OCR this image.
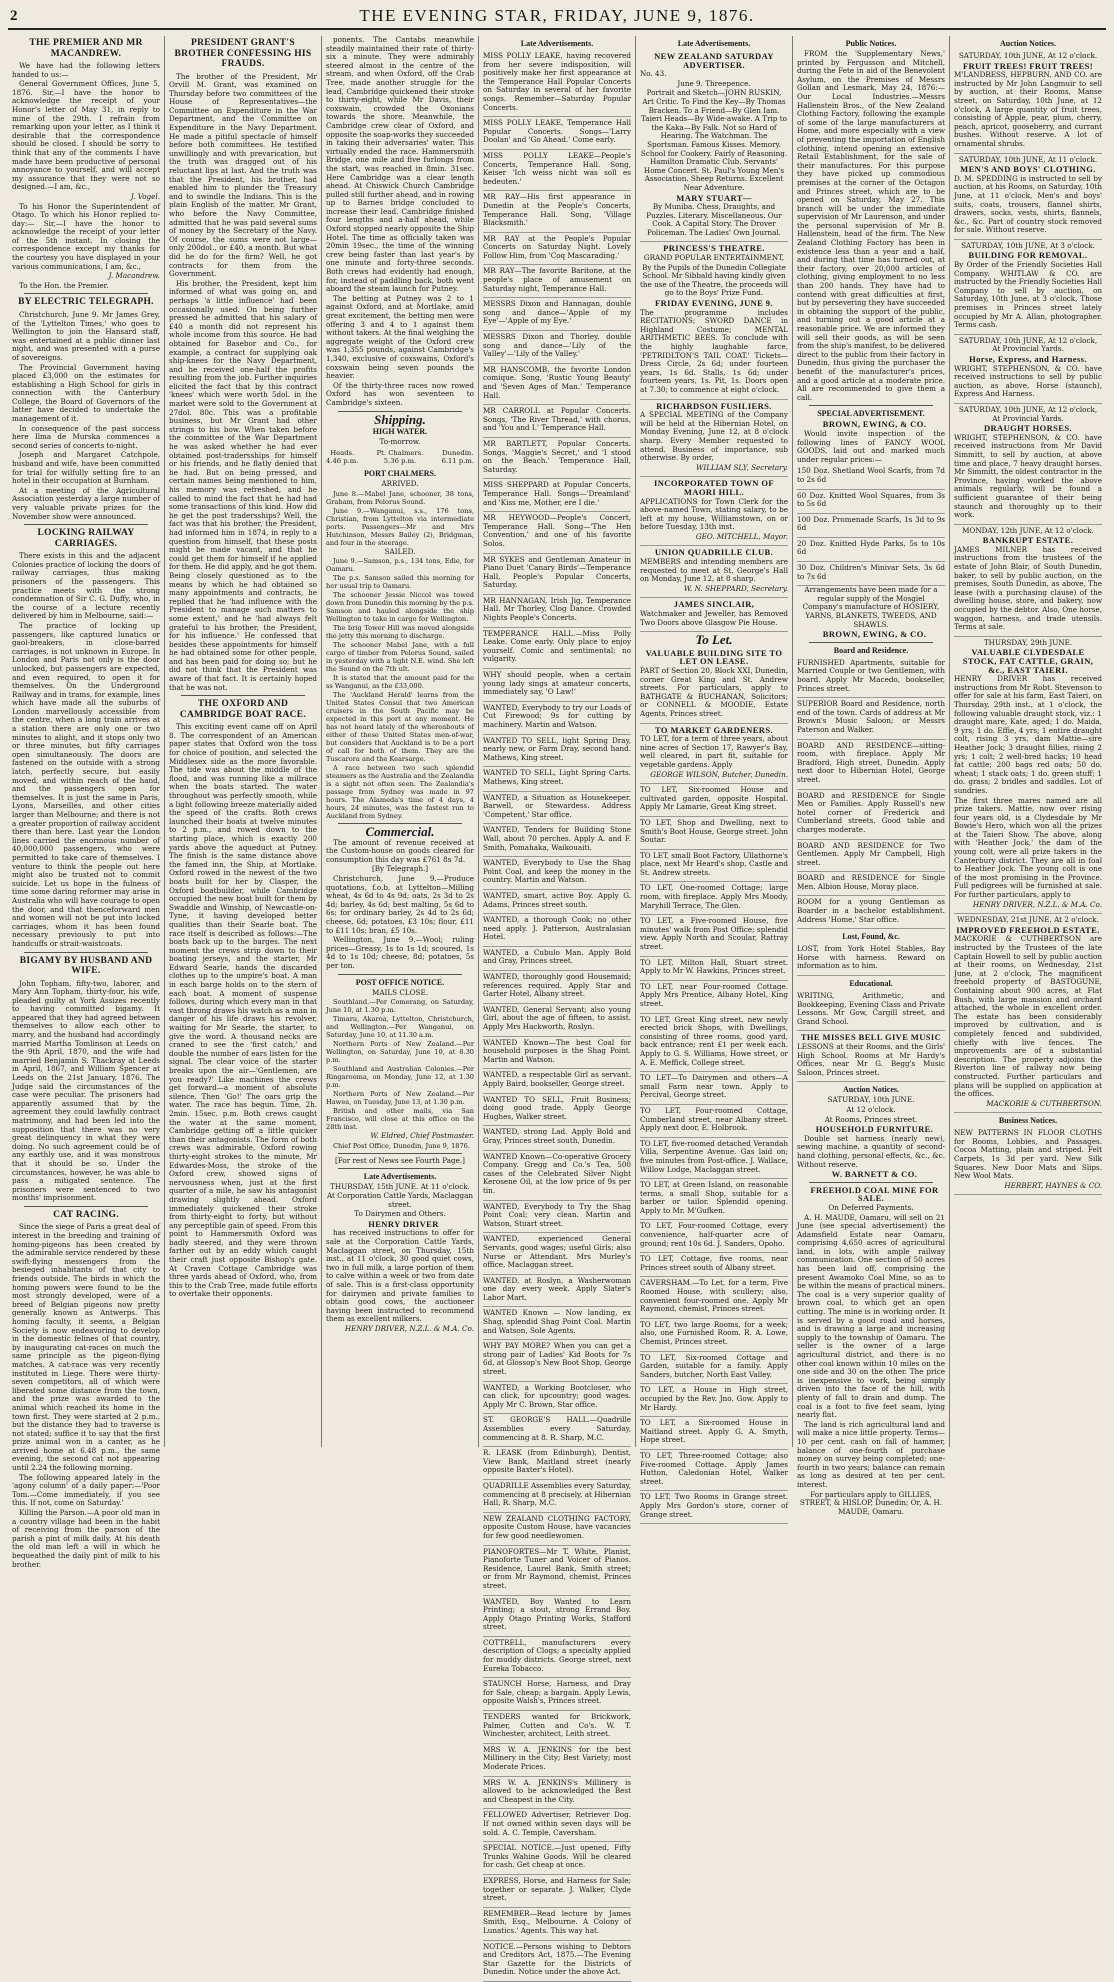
2	THE EVENING STAR, FRIDAY, JUNE 9, 1876.
THE PREMIER AND MR MACANDREW.

We have had the following letters handed to us:—

General Government Offices, June 5, 1876. Sir,—I have the honor to acknowledge the receipt of your Honor's letter of May 31, in reply to mine of the 29th. I refrain from remarking upon your letter, as I think it desirable that the correspondence should be closed. I should be sorry to think that any of the comments I have made have been productive of personal annoyance to yourself, and will accept my assurance that they were not so designed.—I am, &c.,

J. Vogel.

To his Honor the Superintendent of Otago. To which his Honor replied to-day:— Sir,—I have the honor to acknowledge the receipt of your letter of the 5th instant. In closing the correspondence except my thanks for the courtesy you have displayed in your various communications, I am, &c.,

J. Macandrew.

To the Hon. the Premier.

BY ELECTRIC TELEGRAPH.

Christchurch, June 9. Mr James Grey, of the 'Lyttelton Times,' who goes to Wellington to join the Hansard staff, was entertained at a public dinner last night, and was presented with a purse of sovereigns.

The Provincial Government having placed £3,000 on the estimates for establishing a High School for girls in connection with the Canterbury College, the Board of Governors of the latter have decided to undertake the management of it.

In consequence of the past success here Ilma de Murska commences a second series of concerts to-night.

Joseph and Margaret Catchpole, husband and wife, have been committed for trial for wilfully setting fire to an hotel in their occupation at Burnham.

At a meeting of the Agricultural Association yesterday a large number of very valuable private prizes for the November show were announced.

LOCKING RAILWAY CARRIAGES.

There exists in this and the adjacent Colonies practice of locking the doors of railway carriages, thus making prisoners of the passengers. This practice meets with the strong condemnation of Sir C. G. Duffy, who, in the course of a lecture recently delivered by him in Melbourne, said:—

The practice of locking up passengers, like captured lunatics or gaol-breakers, in close-barred carriages, is not unknown in Europe. In London and Paris not only is the door unlocked, but passengers are expected, and even required, to open it for themselves. On the Underground Railway and in trams, for example, lines which have made all the suburbs of London marvellously accessible from the centre, when a long train arrives at a station there are only one or two minutes to alight, and it stops only two or three minutes, but fifty carriages open simultaneously. The doors are fastened on the outside with a strong latch, perfectly secure, but easily moved, and within reach of the hand, and the passengers open for themselves. It is just the same in Paris, Lyons, Marseilles, and other cities larger than Melbourne; and there is not a greater proportion of railway accident there than here. Last year the London lines carried the enormous number of 40,000,000 passengers, who were permitted to take care of themselves. I venture to think the people out here might also be trusted not to commit suicide. Let us hope in the fulness of time some daring reformer may arise in Australia who will have courage to open the door, and that thenceforward men and women will not be put into locked carriages, whom it has been found necessary previously to put into handcuffs or strait-waistcoats.

BIGAMY BY HUSBAND AND WIFE.

John Topham, fifty-two, laborer, and Mary Ann Topham, thirty-four, his wife, pleaded guilty at York Assizes recently to having committed bigamy. It appeared that they had agreed between themselves to allow each other to marry, and the husband had accordingly married Martha Tomlinson at Leeds on the 9th April, 1870, and the wife had married Benjamin S. Thackray at Leeds in April, 1867, and William Spencer at Leeds on the 21st January, 1876. The Judge said the circumstances of the case were peculiar. The prisoners had apparently assumed that by the agreement they could lawfully contract matrimony, and had been led into the supposition that there was no very great delinquency in what they were doing. No such agreement could be of any earthly use, and it was monstrous that it should be so. Under the circumstances, however, he was able to pass a mitigated sentence. The prisoners were sentenced to two months' imprisonment.

CAT RACING.

Since the siege of Paris a great deal of interest in the breeding and training of homing-pigeons has been created by the admirable service rendered by these swift-flying messengers from the besieged inhabitants of that city to friends outside. The birds in which the homing powers were found to be the most strongly developed, were of a breed of Belgian pigeons now pretty generally known as Antwerps. This homing faculty, it seems, a Belgian Society is now endeavoring to develop in the domestic felines of that country, by inaugurating cat-races on much the same principle as the pigeon-flying matches. A cat-race was very recently instituted in Liege. There were thirty-seven competitors, all of which were liberated some distance from the town, and the prize was awarded to the animal which reached its home in the town first. They were started at 2 p.m., but the distance they had to traverse is not stated; suffice it to say that the first prize animal won in a canter, as he arrived home at 6.48 p.m., the same evening, the second cat not appearing until 2.24 the following morning.

The following appeared lately in the 'agony column' of a daily paper:—'Poor Tom.—Come immediately, if you see this. If not, come on Saturday.'

Killing the Parson.—A poor old man in a country village had been in the habit of receiving from the parson of the parish a pint of milk daily. At his death the old man left a will in which he bequeathed the daily pint of milk to his brother.

PRESIDENT GRANT'S BROTHER CONFESSING HIS FRAUDS.

The brother of the President, Mr Orvill M. Grant, was examined on Thursday before two committees of the House of Representatives—the Committee on Expenditure in the War Department, and the Committee on Expenditure in the Navy Department. He made a pitiful spectacle of himself before both committees. He testified unwillingly and with prevarication, but the truth was dragged out of his reluctant lips at last. And the truth was that the President, his brother, had enabled him to plunder the Treasury and to swindle the Indians. This is the plain English of the matter. Mr Grant, who before the Navy Committee, admitted that he was paid several sums of money by the Secretary of the Navy. Of course, the sums were not large—only 200dol., or £40, a month. But what did he do for the firm? Well, he got contracts for them from the Government.

His brother, the President, kept him informed of what was going on, and perhaps 'a little influence' had been occasionally used. On being further pressed he admitted that his salary of £40 a month did not represent his whole income from this source. He had obtained for Basebor and Co., for example, a contract for supplying oak ship-knees for the Navy Department, and he received one-half the profits resulting from the job. Further inquiries elicited the fact that by this contract 'knees' which were worth 5dol. in the market were sold to the Government at 27dol. 80c. This was a profitable business, but Mr Grant had other strings to his bow. When taken before the committee of the War Department he was asked whether he had ever obtained post-tradersships for himself or his friends, and he flatly denied that he had. But on being pressed, and certain names being mentioned to him, his memory was refreshed, and he called to mind the fact that he had had some transactions of this kind. How did he get the post tradersships? Well, the fact was that his brother, the President, had informed him in 1874, in reply to a question from himself, that these posts might be made vacant, and that he could get them for himself if he applied for them. He did apply, and he got them. Being closely questioned as to the means by which he had obtained so many appointments and contracts, he replied that he 'had influence with the President to manage such matters to some extent,' and he 'had always felt grateful to his brother, the President, for his influence.' He confessed that besides these appointments for himself he had obtained some for other people, and has been paid for doing so; but he did not think that the President was aware of that fact. It is certainly hoped that he was not.

THE OXFORD AND CAMBRIDGE BOAT RACE.

This exciting event came off on April 8. The correspondent of an American paper states that Oxford won the toss for choice of position, and selected the Middlesex side as the more favorable. The tide was about the middle of the flood, and was running like a millrace when the boats started. The water throughout was perfectly smooth, while a light following breeze materially aided the speed of the crafts. Both crews launched their boats at twelve minutes to 2 p.m., and rowed down to the starting place, which is exactly 200 yards above the aqueduct at Putney. The finish is the same distance above the famed inn, the Ship, at Mortlake. Oxford rowed in the newest of the two boats built for her by Clasper, the Oxford boatbuilder, while Cambridge occupied the new boat built for them by Swaddle and Winship, of Newcastle-on-Tyne, it having developed better qualities than their Searle boat. The race itself is described as follows:—The boats back up to the barges. The next moment the crews strip down to their boating jerseys, and the starter, Mr Edward Searle, hands the discarded clothes up to the umpire's boat. A man in each barge holds on to the stern of each boat. A moment of suspense follows, during which every man in that vast throng draws his watch as a man in danger of his life draws his revolver, waiting for Mr Searle, the starter, to give the word. A thousand necks are craned to see the 'first catch,' and double the number of ears listen for the signal. The clear voice of the starter breaks upon the air—'Gentlemen, are you ready?' Like machines the crews get forward—a moment of absolute silence. Then 'Go!' The oars grip the water. The race has begun. Time, 2h. 2min. 15sec. p.m. Both crews caught the water at the same moment, Cambridge getting off a little quicker than their antagonists. The form of both crews was admirable, Oxford rowing thirty-eight strokes to the minute, Mr Edwardes-Moss, the stroke of the Oxford crew, showed signs of nervousness when, just at the first quarter of a mile, he saw his antagonist drawing slightly ahead. Oxford immediately quickened their stroke from thirty-eight to forty, but without any perceptible gain of speed. From this point to Hammersmith Oxford was badly steered, and they were thrown farther out by an eddy which caught their craft just opposite Bishop's gate. At Craven Cottage Cambridge was three yards ahead of Oxford, who, from this to the Crab Tree, made futile efforts to overtake their opponents.

ponents. The Cantabs meanwhile steadily maintained their rate of thirty-six a minute. They were admirably steered almost in the centre of the stream, and when Oxford, off the Crab Tree, made another struggle for the lead, Cambridge quickened their stroke to thirty-eight, while Mr Davis, their coxswain, crowded the Oxonians towards the shore. Meanwhile, the Cambridge crew clear of Oxford, and opposite the soap-works they succeeded in taking their adversaries' water. This virtually ended the race. Hammersmith Bridge, one mile and five furlongs from the start, was reached in 8min. 31sec. Here Cambridge was a clear length ahead. At Chiswick Church Cambridge pulled still further ahead, and in rowing up to Barnes bridge concluded to increase their lead. Cambridge finished four lengths and a-half ahead, while Oxford stopped nearly opposite the Ship Hotel. The time as officially taken was 20min 19sec., the time of the winning crew being faster than last year's by one minute and forty-three seconds. Both crews had evidently had enough, for, instead of paddling back, both went aboard the steam launch for Putney.

The betting at Putney was 2 to 1 against Oxford, and at Mortlake, amid great excitement, the betting men were offering 3 and 4 to 1 against them without takers. At the final weighing the aggregate weight of the Oxford crew was 1,355 pounds, against Cambridge's 1,340, exclusive of coxswains, Oxford's coxswain being seven pounds the heavier.

Of the thirty-three races now rowed Oxford has won seventeen to Cambridge's sixteen.

Shipping.
HIGH WATER.

To-morrow.

Heads.
4.46 p.m.
Pt. Chalmers.
5.36 p.m.
Dunedin.
6.11 p.m.
PORT CHALMERS.

ARRIVED.

June 8.—Mabel Jane, schooner, 38 tons, Graham, from Pelorus Sound.

June 9.—Wanganui, s.s., 176 tons, Christian, from Lyttelton via intermediate ports. Passengers—Mr and Mrs Hutchinson, Messrs Bailey (2), Bridgman, and four in the steerage.

SAILED.

June 9.—Samson, p.s., 134 tons, Edie, for Oamaru.

The p.s. Samson sailed this morning for her usual trip to Oamaru.

The schooner Jessie Niccol was towed down from Dunedin this morning by the p.s. Samson and hauled alongside the ship Wellington to take in cargo for Wellington.

The brig Tower Hill was moved alongside the jetty this morning to discharge.

The schooner Mabel Jane, with a full cargo of timber from Pelorus Sound, sailed in yesterday with a light N.E. wind. She left the Sound on the 7th ult.

It is stated that the amount paid for the ss Wanganui, as the £33,000.

The 'Auckland Herald' learns from the United States Consul that two American cruisers in the South Pacific may be expected in this port at any moment. He has not heard lately of the whereabouts of either of these United States men-of-war, but considers that Auckland is to be a port of call for both of them. They are the Tuscarora and the Kearsarge.

A race between two such splendid steamers as the Australia and the Zealandia is a sight not often seen. The Zealandia's passage from Sydney was made in 97 hours. The Alameda's time of 4 days, 4 hours, 24 minutes, was the fastest run to Auckland from Sydney.

Commercial.

The amount of revenue received at the Custom-house on goods cleared for consumption this day was £761 8s 7d.

[By Telegraph.]

Christchurch, June 9.—Produce quotations, f.o.b. at Lyttelton—Milling wheat, 4s 6d to 4s 9d; oats, 2s 3d to 2s 4d; barley, 4s 6d; best malting, 5s 6d to 6s; for ordinary barley, 2s 4d to 2s 6d; cheese, 6d; potatoes, £3 10s; flour, £11 to £11 10s; bran, £5 10s.

Wellington, June 9.—Wool; ruling prices—Greasy, 1s to 1s 1d; scoured, 1s 4d to 1s 10d; cheese, 8d; potatoes, 5s per ton.

POST OFFICE NOTICE.

MAILS CLOSE.

Southland.—Per Comerang, on Saturday, June 10, at 1.30 p.m.

Timaru, Akaroa, Lyttelton, Christchurch, and Wellington.—Per Wanganui, on Saturday, June 10, at 11.30 a.m.

Northern Ports of New Zealand.—Per Wellington, on Saturday, June 10, at 8.30 p.m.

Southland and Australian Colonies.—Per Ringarooma, on Monday, June 12, at 1.30 p.m.

Northern Ports of New Zealand.—Per Hawea, on Tuesday, June 13, at 1.30 p.m.

British and other mails, via San Francisco, will close at this office on the 28th inst.

W. Eldred, Chief Postmaster.

Chief Post Office, Dunedin, June 9, 1876.

[For rest of News see Fourth Page.]

Late Advertisements.

THURSDAY, 15th JUNE. At 11 o'clock. At Corporation Cattle Yards, Maclaggan street.

To Dairymen and Others.

HENRY DRIVER

has received instructions to offer for sale at the Corporation Cattle Yards, Maclaggan street, on Thursday, 15th inst., at 11 o'clock, 30 good quiet cows, two in full milk, a large portion of them to calve within a week or two from date of sale. This is a first-class opportunity for dairymen and private families to obtain good cows, the auctioneer having been instructed to recommend them as excellent milkers.

HENRY DRIVER, N.Z.L. & M.A. Co.

Late Advertisements.

MISS POLLY LEAKE, having recovered from her severe indisposition, will positively make her first appearance at the Temperance Hall Popular Concerts on Saturday in several of her favorite songs. Remember—Saturday Popular Concerts.

MISS POLLY LEAKE, Temperance Hall Popular Concerts. Songs—'Larry Doolan' and 'Go Ahead.' Come early.

MISS POLLY LEAKE—People's Concerts, Temperance Hall. Song, Keiser 'Ich weiss nicht was soll es bedeuten.'

MR RAY—His first appearance in Dunedin at the People's Concerts, Temperance Hall. Song, 'Village Blacksmith.'

MR RAY at the People's Popular Concerts on Saturday Night. Lovely Follow Him, from 'Coq Mascarading.'

MR RAY—The favorite Baritone, at the people's place of amusement on Saturday night, Temperance Hall.

MESSRS Dixon and Hannagan, double song and dance—'Apple of my Eye'—'Apple of my Eye.'

MESSRS Dixon and Thorley, double song and dance—'Lily of the Valley'—'Lily of the Valley.'

MR HANSCOMB, the favorite London comique. Song, 'Rustic Young Beauty' and 'Seven Ages of Man.' Temperance Hall.

MR CARROLL at Popular Concerts. Songs, 'The River Thread,' with chorus, and 'You and I.' Temperance Hall.

MR BARTLETT, Popular Concerts. Songs, 'Maggie's Secret,' and 'I stood on the Beach.' Temperance Hall, Saturday.

MISS SHEPPARD at Popular Concerts, Temperance Hall. Songs—'Dreamland' and 'Kiss me, Mother, ere I die.'

MR HEYWOOD—People's Concert, Temperance Hall. Song—'The Hen Convention,' and one of his favorite Solos.

MR SYKES and Gentleman Amateur in Piano Duet 'Canary Birds'—Temperance Hall, People's Popular Concerts, Saturday.

MR HANNAGAN, Irish Jig, Temperance Hall. Mr Thorley, Clog Dance. Crowded Nights People's Concerts.

TEMPERANCE HALL.—Miss Polly Leake. Come early. Only place to enjoy yourself. Comic and sentimental; no vulgarity.

WHY should people, when a certain young lady sings at amateur concerts, immediately say, 'O Law!'

WANTED, Everybody to try our Loads of Cut Firewood; 9s for cutting by machinery. Martin and Watson.

WANTED TO SELL, light Spring Dray, nearly new, or Farm Dray, second hand. Mathews, King street.

WANTED TO SELL, Light Spring Carts. Mathews, King street.

WANTED, a Situation as Housekeeper. Barwell, or Stewardess. Address 'Competent,' Star office.

WANTED, Tenders for Building Stone Wall, about 70 perches. Apply A. and F. Smith, Pomahaka, Waikouaiti.

WANTED, Everybody to Use the Shag Point Coal, and keep the money in the country. Martin and Watson.

WANTED, smart, active Boy. Apply G. Adams, Princes street south.

WANTED, a thorough Cook; no other need apply. J. Patterson, Australasian Hotel.

WANTED, a Cubulo Man. Apply Bold and Gray, Princes street.

WANTED, thoroughly good Housemaid; references required. Apply Star and Garter Hotel, Albany street.

WANTED, General Servant; also young Girl, about the age of fifteen, to assist. Apply Mrs Hackworth, Roslyn.

WANTED Known—The best Coal for household purposes is the Shag Point. Martin and Watson.

WANTED, a respectable Girl as servant. Apply Baird, bookseller, George street.

WANTED TO SELL, Fruit Business; doing good trade. Apply George Hughes, Walker street.

WANTED, strong Lad. Apply Bold and Gray, Princes street south, Dunedin.

WANTED Known—Co-operative Grocery Company. Gregg and Co.'s Tea, 500 cases of the Celebrated Silver Night Kerosene Oil, at the low price of 9s per tin.

WANTED, Everybody to Try the Shag Point Coal; very clean. Martin and Watson, Stuart street.

WANTED, experienced General Servants, good wages; useful Girls; also Nurse or Attendant. Mrs Murley's office, Maclaggan street.

WANTED, at Roslyn, a Washerwoman one day every week. Apply Slater's Labor Mart.

WANTED Known — Now landing, ex Shag, splendid Shag Point Coal. Martin and Watson, Sole Agents.

WHY PAY MORE? When you can get a strong pair of Ladies' Kid Boots for 7s 6d, at Glossop's New Boot Shop, George street.

WANTED, a Working Bootcloser, who can click, for upcountry; good wages. Apply Mr C. Brown, Star office.

ST. GEORGE'S HALL.—Quadrille Assemblies every Saturday, commencing at 8. R. Sharp, M.C.

R. LEASK (from Edinburgh), Dentist, View Bank, Maitland street (nearly opposite Baxter's Hotel).

QUADRILLE Assemblies every Saturday, commencing at 8 precisely, at Hibernian Hall, R. Sharp, M.C.

NEW ZEALAND CLOTHING FACTORY, opposite Custom House, have vacancies for few good needlewomen.

PIANOFORTES—Mr T. White, Planist, Pianoforte Tuner and Voicer of Pianos. Residence, Laurel Bank, Smith street; or from Mr Raymond, chemist, Princes street.

WANTED, Boy Wanted to Learn Printing; a stout, strong Errand Boy. Apply Otago Printing Works, Stafford street.

COTTRELL, manufacturers every description of Clogs; a specialty applied for muddy districts. George street, next Eureka Tobacco.

STAUNCH Horse, Harness, and Dray for Sale, cheap; a bargain. Apply Lewis, opposite Walsh's, Princes street.

TENDERS wanted for Brickwork, Palmer, Cutten and Co's. W. T. Winchester, architect, Leith street.

MRS W. A. JENKINS for the best Millinery in the City; Best Variety; most Moderate Prices.

MRS W. A. JENKINS's Millinery is allowed to be acknowledged the Best and Cheapest in the City.

FELLOWED Advertiser, Retriever Dog. If not owned within seven days will be sold. A. C. Temple, Caversham.

SPECIAL NOTICE.—Just opened, Fifty Trunks Wahine Goods. Will be cleared for cash. Get cheap at once.

EXPRESS, Horse, and Harness for Sale; together or separate. J. Walker, Clyde street.

REMEMBER—Read lecture by James Smith, Esq., Melbourne. A Colony of Lunatics.' Agents. This way hat.

NOTICE.—Persons wishing to Debtors and Creditors Act, 1875.—The Evening Star Gazette for the Districts of Dunedin. Notice under the above Act.

Late Advertisements.

NEW ZEALAND SATURDAY ADVERTISER.

No. 43.

June 9. Threepence.

Portrait and Sketch—JOHN RUSKIN, Art Critic. To Find the Key—By Thomas Bracken. To a Friend—By Glen Iam. Taieri Heads—By Wide-awake. A Trip to the Kaka—By Falk. Not so Hard of Hearing. The Watchman. The Sportsman. Famous Kisses. Memory. School for Cookery. Fairly of Reasoning. Hamilton Dramatic Club. Servants' Home Concert. St. Paul's Young Men's Association. Sheep Returns. Excellent Near Adventure.

MARY STUART—

By Muniba. Chess, Draughts, and Puzzles. Literary. Miscellaneous. Our Cook. A Capital Story. The Drover Policeman. The Ladies' Own Journal.

PRINCESS'S THEATRE.

GRAND POPULAR ENTERTAINMENT,

By the Pupils of the Dunedin Collegiate School. Mr Sibbald having kindly given the use of the Theatre, the proceeds will go to the Boys' Prize Fund.

FRIDAY EVENING, JUNE 9.

The programme includes RECITATIONS; SWORD DANCE in Highland Costume; MENTAL ARITHMETIC BEES. To conclude with the highly laughable farce, 'PETRIDLTON'S TAIL COAT.' Tickets—Dress Circle, 2s 6d; under fourteen years, 1s 6d. Stalls, 1s 6d; under fourteen years, 1s. Pit, 1s. Doors open at 7.30; to commence at eight o'clock.

RICHARDSON FUSILIERS.

A SPECIAL MEETING of the Company will be held at the Hibernian Hotel, on Monday Evening, June 12, at 8 o'clock sharp. Every Member requested to attend. Business of importance, sub otherwise. By order,

WILLIAM SLY, Secretary.

INCORPORATED TOWN OF MAORI HILL.

APPLICATIONS for Town Clerk for the above-named Town, stating salary, to be left at my house, Williamstown, on or before Tuesday, 13th inst.

GEO. MITCHELL, Mayor.

UNION QUADRILLE CLUB.

MEMBERS and intending members are requested to meet at St. George's Hall on Monday, June 12, at 8 sharp.

W. N. SHEPPARD, Secretary.

JAMES SINCLAIR,

Watchmaker and Jeweller, has Removed Two Doors above Glasgow Pie House.

To Let.

VALUABLE BUILDING SITE TO LET ON LEASE.

PART of Section 20, Block XXI, Dunedin, corner Great King and St. Andrew streets. For particulars, apply to BATHGATE & BUCHANAN, Solicitors; or CONNELL & MOODIE, Estate Agents, Princes street.

TO MARKET GARDENERS.

TO LET, for a term of three years, about nine acres of Section 17, Rawyer's Bay, well cleared, in part fit, suitable for vegetable gardens. Apply

GEORGE WILSON, Butcher, Dunedin.

TO LET, Six-roomed House and cultivated garden, opposite Hospital. Apply Mr Lamarie, Great King street.

TO LET, Shop and Dwelling, next to Smith's Boot House, George street. John Soutar.

TO LET, small Boot Factory, Ullathorne's place, next Mr Heard's shop, Castle and St. Andrew streets.

TO LET, One-roomed Cottage; large room, with fireplace. Apply Mrs Moody, Maryhill Terrace, The Glen.

TO LET, a Five-roomed House, five minutes' walk from Post Office; splendid view. Apply North and Scoular, Rattray street.

TO LET, Milton Hall, Stuart street. Apply to Mr W. Hawkins, Princes street.

TO LET, near Four-roomed Cottage. Apply Mrs Prentice, Albany Hotel, King street.

TO LET, Great King street, new newly erected brick Shops, with Dwellings, consisting of three rooms, good yard, back entrance; rent £1 per week each. Apply to G. S. Williams, Howe street, or A. E. Meffick, College street.

TO LET—To Dairymen and others—A small Farm near town. Apply to Percival, George street.

TO LET, Four-roomed Cottage, Cumberland street, near Albany street. Apply next door, E. Holbrook.

TO LET, five-roomed detached Verandah Villa, Serpentine Avenue. Gas laid on; five minutes from Post-office. J. Wallace, Willow Lodge, Maclaggan street.

TO LET, at Green Island, on reasonable terms, a small Shop, suitable for a barber or tailor. Splendid opening. Apply to Mr. M'Gufken.

TO LET, Four-roomed Cottage, every convenience, half-quarter acre of ground; rent 10s 6d. J. Sanders, Opoho.

TO LET, Cottage, five rooms, near Princes street south of Albany street.

CAVERSHAM.—To Let, for a term, Five Roomed House, with scullery; also, convenient four-roomed one. Apply Mr Raymond, chemist, Princes street.

TO LET, two large Rooms, for a week; also, one Furnished Room. R. A. Lowe, Chemist, Princes street.

TO LET, Six-roomed Cottage and Garden, suitable for a family. Apply Sanders, butcher, North East Valley.

TO LET, a House in High street, occupied by the Rev. Jno. Gow. Apply to Mr Hardy.

TO LET, a Six-roomed House in Maitland street. Apply G. A. Smyth, Hope street.

TO LET, Three-roomed Cottage; also Five-roomed Cottage. Apply James Hutton, Caledonian Hotel, Walker street.

TO LET, Two Rooms in Grange street. Apply Mrs Gordon's store, corner of Grange street.

Public Notices.

FROM the 'Supplementary News,' printed by Fergusson and Mitchell, during the Fete in aid of the Benevolent Asylum, on the Premises of Messrs Gollan and Lesmark, May 24, 1876:—Our Local Industries.—Messrs Hallenstein Bros., of the New Zealand Clothing Factory, following the example of some of the large manufacturers at Home, and more especially with a view of preventing the importation of English clothing, intend opening an extensive Retail Establishment, for the sale of their manufactures. For this purpose they have picked up commodious premises at the corner of the Octagon and Princes street, which are to be opened on Saturday, May 27. This branch will be under the immediate supervision of Mr Laurenson, and under the personal supervision of Mr B. Hallenstein, head of the firm. The New Zealand Clothing Factory has been in existence less than a year and a half, and during that time has turned out, at their factory, over 20,000 articles of clothing, giving employment to no less than 200 hands. They have had to contend with great difficulties at first, but by persevering they have succeeded in obtaining the support of the public, and turning out a good article at a reasonable price. We are informed they will sell their goods, as will be seen from the ship's manifest, to be delivered direct to the public from their factory in Dunedin, thus giving the purchaser the benefit of the manufacturer's prices, and a good article at a moderate price. All are recommended to give them a call.

SPECIAL ADVERTISEMENT.

BROWN, EWING, & CO.

Would invite inspection of the following lines of FANCY WOOL GOODS, laid out and marked much under regular prices:—

150 Doz. Shetland Wool Scarfs, from 7d to 2s 6d

60 Doz. Knitted Wool Squares, from 3s to 5s 6d

100 Doz. Promenade Scarfs, 1s 3d to 9s 6d

20 Doz. Knitted Hyde Parks, 5s to 10s 6d

30 Doz. Children's Minivar Sets, 3s 6d to 7s 6d

Arrangements have been made for a regular supply of the Mosgiel Company's manufacture of HOSIERY, YARNS, BLANKETS, TWEEDS, AND SHAWLS.

BROWN, EWING, & CO.

Board and Residence.

FURNISHED Apartments, suitable for Married Couple or two Gentlemen, with board. Apply Mr Macedo, bookseller, Princes street.

SUPERIOR Board and Residence, north end of the town. Cards of address at Mr Brown's Music Saloon; or Messrs Paterson and Walker.

BOARD AND RESIDENCE—sitting-room, with fireplace. Apply Mr Bradford, High street, Dunedin. Apply next door to Hibernian Hotel, George street.

BOARD and RESIDENCE for Single Men or Families. Apply Russell's new hotel corner of Frederick and Cumberland streets. Good table and charges moderate.

BOARD AND RESIDENCE for Two Gentlemen. Apply Mr Campbell, High street.

BOARD and RESIDENCE for Single Men. Albion House, Moray place.

ROOM for a young Gentleman as Boarder in a bachelor establishment. Address 'Home,' Star office.

Lost, Found, &c.

LOST, from York Hotel Stables, Bay Horse with harness. Reward on information as to him.

Educational.

WRITING, Arithmetic, and Bookkeeping, Evening Class and Private Lessons. Mr Gow, Cargill street, and Grand School.

THE MISSES BELL GIVE MUSIC

LESSONS at their Rooms, and the Girls' High School. Rooms at Mr Hardy's Offices, near Mr G. Begg's Music Saloon, Princes street.

Auction Notices.

SATURDAY, 10th JUNE.

At 12 o'clock.

At Rooms, Princes street.

HOUSEHOLD FURNITURE.

Double set harness (nearly new), sewing machine, a quantity of second-hand clothing, personal effects, &c., &c. Without reserve.

W. BARNETT & CO.

FREEHOLD COAL MINE FOR SALE.

On Deferred Payments.

A. H. MAUDE, Oamaru, will sell on 21 June (see special advertisement) the Adamsfield Estate near Oamaru, comprising 4,650 acres of agricultural land, in lots, with ample railway communication. One section of 50 acres has been laid off, comprising the present Awamoko Coal Mine, so as to be within the means of practical miners. The coal is a very superior quality of brown coal, to which get an open cutting. The mine is in working order. It is served by a good road and horses, and is drawing a large and increasing supply to the township of Oamaru. The seller is the owner of a large agricultural district, and there is no other coal known within 10 miles on the one side and 30 on the other. The price is inexpensive to work, being simply driven into the face of the hill, with plenty of fall to drain and dump. The coal is a foot to five feet seam, lying nearly flat.

The land is rich agricultural land and will make a nice little property. Terms—10 per cent. cash on fall of hammer, balance of one-fourth of purchase money on survey being completed; one-fourth in two years; balance can remain as long as desired at ten per cent. interest.

For particulars apply to GILLIES, STREET, & HISLOP, Dunedin; Or, A. H. MAUDE, Oamaru.

Auction Notices.

SATURDAY, 10th JUNE, At 12 o'clock.

FRUIT TREES! FRUIT TREES!

M'LANDRESS, HEPBURN, AND CO. are instructed by Mr John Langmuir to sell by auction, at their Rooms, Manse street, on Saturday, 10th June, at 12 o'clock, A large quantity of fruit trees, consisting of Apple, pear, plum, cherry, peach, apricot, gooseberry, and currant bushes. Without reserve. A lot of ornamental shrubs.

SATURDAY, 10th JUNE, At 11 o'clock.

MEN'S AND BOYS' CLOTHING.

D. M. SPEDDING is instructed to sell by auction, at his Rooms, on Saturday, 10th June, at 11 o'clock, Men's and boys' suits, coats, trousers, flannel shirts, drawers, socks, vests, shirts, flannels, &c., &c. Part of country stock removed for sale. Without reserve.

SATURDAY, 10th JUNE, At 3 o'clock.

BUILDING FOR REMOVAL.

By Order of the Friendly Societies Hall Company. WHITLAW & CO. are instructed by the Friendly Societies Hall Company to sell by auction, on Saturday, 10th June, at 3 o'clock, Those premises in Princes street lately occupied by Mr A. Allan, photographer. Terms cash.

SATURDAY, 10th JUNE, At 12 o'clock, At Provincial Yards.

Horse, Express, and Harness.

WRIGHT, STEPHENSON, & CO. have received instructions to sell by public auction, as above, Horse (staunch), Express And Harness.

SATURDAY, 10th JUNE, At 12 o'clock, At Provincial Yards.

DRAUGHT HORSES.

WRIGHT, STEPHENSON, & CO. have received instructions from Mr David Simmitt, to sell by auction, at above time and place, 7 heavy draught horses. Mr Simmitt, the oldest contractor in the Province, having worked the above animals regularly, will be found a sufficient guarantee of their being staunch and thoroughly up to their work.

MONDAY, 12th JUNE, At 12 o'clock.

BANKRUPT ESTATE.

JAMES MILNER has received instructions from the trustees of the estate of John Blair, of South Dunedin, baker, to sell by public auction, on the premises, South Dunedin, as above, The lease (with a purchasing clause) of the dwelling house, store, and bakery, now occupied by the debtor. Also, One horse, waggon, harness, and trade utensils. Terms at sale.

THURSDAY, 29th JUNE.

VALUABLE CLYDESDALE STOCK, FAT CATTLE, GRAIN, &c., EAST TAIERI.

HENRY DRIVER has received instructions from Mr Robt. Stevenson to offer for sale at his farm, East Taieri, on Thursday, 29th inst., at 1 o'clock, the following valuable draught stock, viz.: 1 draught mare, Kate, aged; 1 do. Maida, 9 yrs; 1 do. Effie, 4 yrs; 1 entire draught colt, rising 3 yrs, dam Mattie—sire Heather Jock; 3 draught fillies, rising 2 yrs; 1 colt; 2 well-bred hacks; 10 head fat cattle; 200 bags red oats; 50 do. wheat; 1 stack oats; 1 do. green stuff; 1 do. grass; 2 bridles and saddles. Lot of sundries.

The first three mares named are all prize takers. Mattie, now over rising four years old, is a Clydesdale by Mr Bowie's Hero, which won all the prizes at the Taieri Show. The above, along with 'Heather Jock,' the dam of the young colt, were all prize takers in the Canterbury district. They are all in foal to Heather Jock. The young colt is one of the most promising in the Province. Full pedigrees will be furnished at sale. For further particulars, apply to

HENRY DRIVER, N.Z.L. & M.A. Co.

WEDNESDAY, 21st JUNE, At 2 o'clock.

IMPROVED FREEHOLD ESTATE.

MACKORIE & CUTHBERTSON are instructed by the Trustees of the late Captain Howell to sell by public auction at their rooms, on Wednesday, 21st June, at 2 o'clock, The magnificent freehold property of BASTOGUNE, Containing about 900 acres, at Flat Bush, with large mansion and orchard attached, the whole in excellent order. The estate has been considerably improved by cultivation, and is completely fenced and subdivided, chiefly with live fences. The improvements are of a substantial description. The property adjoins the Riverton line of railway now being constructed. Further particulars and plans will be supplied on application at the offices.

MACKORIE & CUTHBERTSON.

Business Notices.

NEW PATTERNS IN FLOOR CLOTHS for Rooms, Lobbies, and Passages. Cocoa Matting, plain and striped. Felt Carpets, 1s 3d per yard. New Silk Squares. New Door Mats and Slips. New Wool Mats.

HERBERT, HAYNES & CO.
